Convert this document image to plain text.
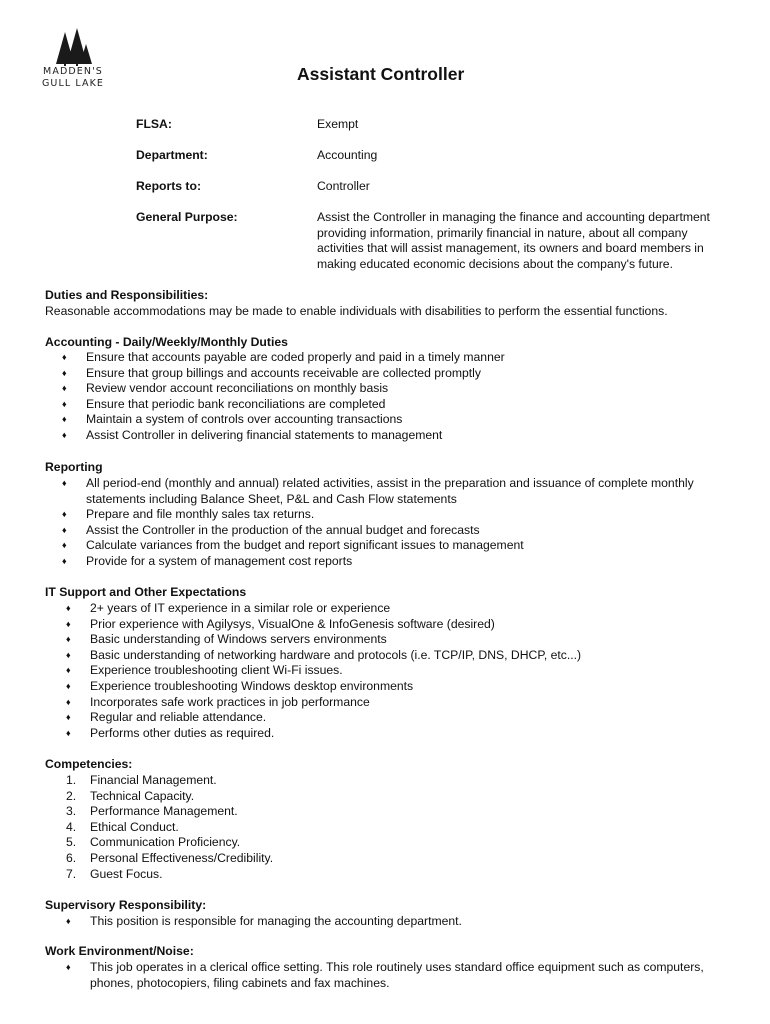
MADDEN'S
GULL LAKE	Assistant Controller
FLSA:	Exempt
Department:	Accounting
Reports to:	Controller
General Purpose:	Assist the Controller in managing the finance and accounting department providing information, primarily financial in nature, about all company activities that will assist management, its owners and board members in making educated economic decisions about the company's future.
Duties and Responsibilities:
Reasonable accommodations may be made to enable individuals with disabilities to perform the essential functions.
Accounting - Daily/Weekly/Monthly Duties
♦ Ensure that accounts payable are coded properly and paid in a timely manner
♦ Ensure that group billings and accounts receivable are collected promptly
♦ Review vendor account reconciliations on monthly basis
♦ Ensure that periodic bank reconciliations are completed
♦ Maintain a system of controls over accounting transactions
♦ Assist Controller in delivering financial statements to management
Reporting
♦ All period-end (monthly and annual) related activities, assist in the preparation and issuance of complete monthly statements including Balance Sheet, P&L and Cash Flow statements
♦ Prepare and file monthly sales tax returns.
♦ Assist the Controller in the production of the annual budget and forecasts
♦ Calculate variances from the budget and report significant issues to management
♦ Provide for a system of management cost reports
IT Support and Other Expectations
♦ 2+ years of IT experience in a similar role or experience
♦ Prior experience with Agilysys, VisualOne & InfoGenesis software (desired)
♦ Basic understanding of Windows servers environments
♦ Basic understanding of networking hardware and protocols (i.e. TCP/IP, DNS, DHCP, etc...)
♦ Experience troubleshooting client Wi-Fi issues.
♦ Experience troubleshooting Windows desktop environments
♦ Incorporates safe work practices in job performance
♦ Regular and reliable attendance.
♦ Performs other duties as required.
Competencies:
1. Financial Management.
2. Technical Capacity.
3. Performance Management.
4. Ethical Conduct.
5. Communication Proficiency.
6. Personal Effectiveness/Credibility.
7. Guest Focus.
Supervisory Responsibility:
♦ This position is responsible for managing the accounting department.
Work Environment/Noise:
♦ This job operates in a clerical office setting. This role routinely uses standard office equipment such as computers, phones, photocopiers, filing cabinets and fax machines.
